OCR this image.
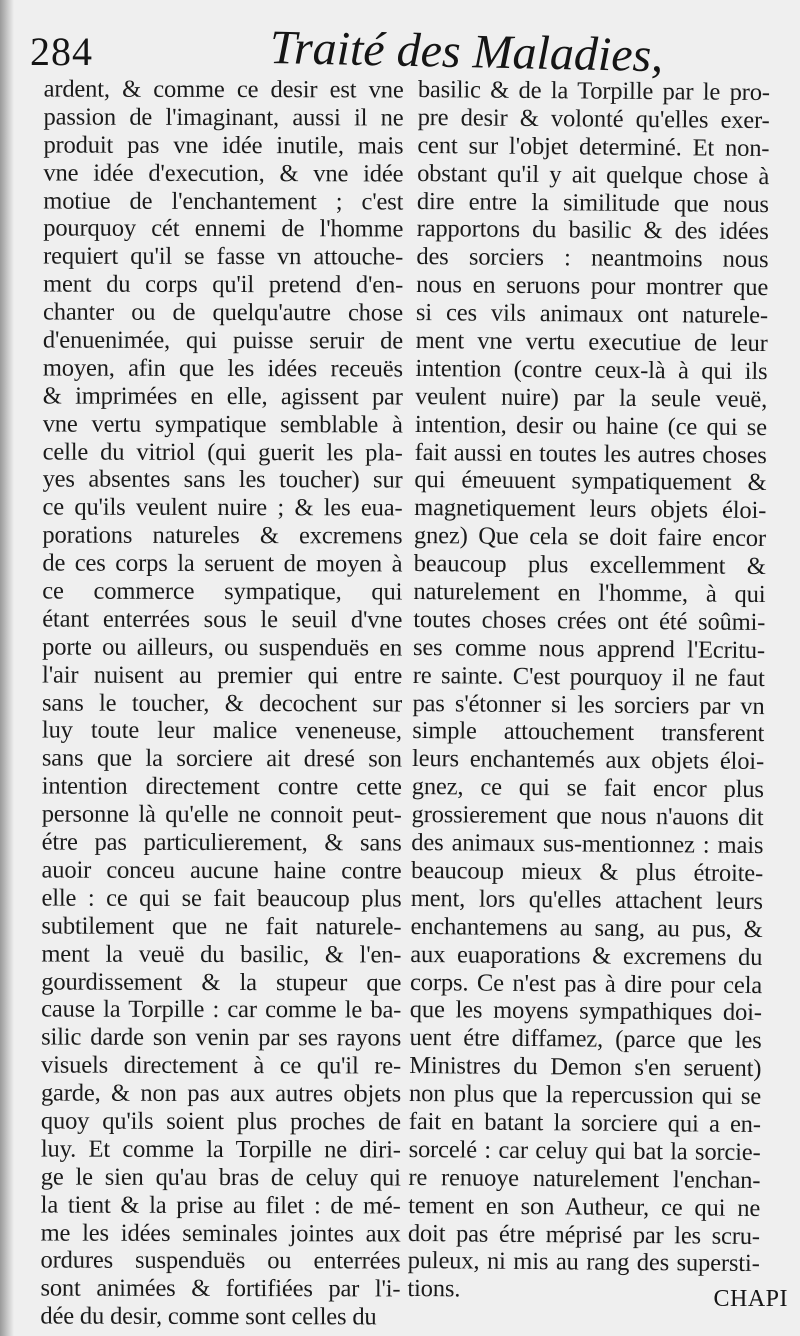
284	Traité des Maladies,
ardent, & comme ce desir est vne
passion de l'imaginant, aussi il ne
produit pas vne idée inutile, mais
vne idée d'execution, & vne idée
motiue de l'enchantement ; c'est
pourquoy cét ennemi de l'homme
requiert qu'il se fasse vn attouche-
ment du corps qu'il pretend d'en-
chanter ou de quelqu'autre chose
d'enuenimée, qui puisse seruir de
moyen, afin que les idées receuës
& imprimées en elle, agissent par
vne vertu sympatique semblable à
celle du vitriol (qui guerit les pla-
yes absentes sans les toucher) sur
ce qu'ils veulent nuire ; & les eua-
porations natureles & excremens
de ces corps la seruent de moyen à
ce commerce sympatique, qui
étant enterrées sous le seuil d'vne
porte ou ailleurs, ou suspenduës en
l'air nuisent au premier qui entre
sans le toucher, & decochent sur
luy toute leur malice veneneuse,
sans que la sorciere ait dresé son
intention directement contre cette
personne là qu'elle ne connoit peut-
étre pas particulierement, & sans
auoir conceu aucune haine contre
elle : ce qui se fait beaucoup plus
subtilement que ne fait naturele-
ment la veuë du basilic, & l'en-
gourdissement & la stupeur que
cause la Torpille : car comme le ba-
silic darde son venin par ses rayons
visuels directement à ce qu'il re-
garde, & non pas aux autres objets
quoy qu'ils soient plus proches de
luy. Et comme la Torpille ne diri-
ge le sien qu'au bras de celuy qui
la tient & la prise au filet : de mé-
me les idées seminales jointes aux
ordures suspenduës ou enterrées
sont animées & fortifiées par l'i-
dée du desir, comme sont celles du
basilic & de la Torpille par le pro-
pre desir & volonté qu'elles exer-
cent sur l'objet determiné. Et non-
obstant qu'il y ait quelque chose à
dire entre la similitude que nous
rapportons du basilic & des idées
des sorciers : neantmoins nous
nous en seruons pour montrer que
si ces vils animaux ont naturele-
ment vne vertu executiue de leur
intention (contre ceux-là à qui ils
veulent nuire) par la seule veuë,
intention, desir ou haine (ce qui se
fait aussi en toutes les autres choses
qui émeuuent sympatiquement &
magnetiquement leurs objets éloi-
gnez) Que cela se doit faire encor
beaucoup plus excellemment &
naturelement en l'homme, à qui
toutes choses crées ont été soûmi-
ses comme nous apprend l'Ecritu-
re sainte. C'est pourquoy il ne faut
pas s'étonner si les sorciers par vn
simple attouchement transferent
leurs enchantemés aux objets éloi-
gnez, ce qui se fait encor plus
grossierement que nous n'auons dit
des animaux sus-mentionnez : mais
beaucoup mieux & plus étroite-
ment, lors qu'elles attachent leurs
enchantemens au sang, au pus, &
aux euaporations & excremens du
corps. Ce n'est pas à dire pour cela
que les moyens sympathiques doi-
uent étre diffamez, (parce que les
Ministres du Demon s'en seruent)
non plus que la repercussion qui se
fait en batant la sorciere qui a en-
sorcelé : car celuy qui bat la sorcie-
re renuoye naturelement l'enchan-
tement en son Autheur, ce qui ne
doit pas étre méprisé par les scru-
puleux, ni mis au rang des supersti-
tions.	CHAPI
